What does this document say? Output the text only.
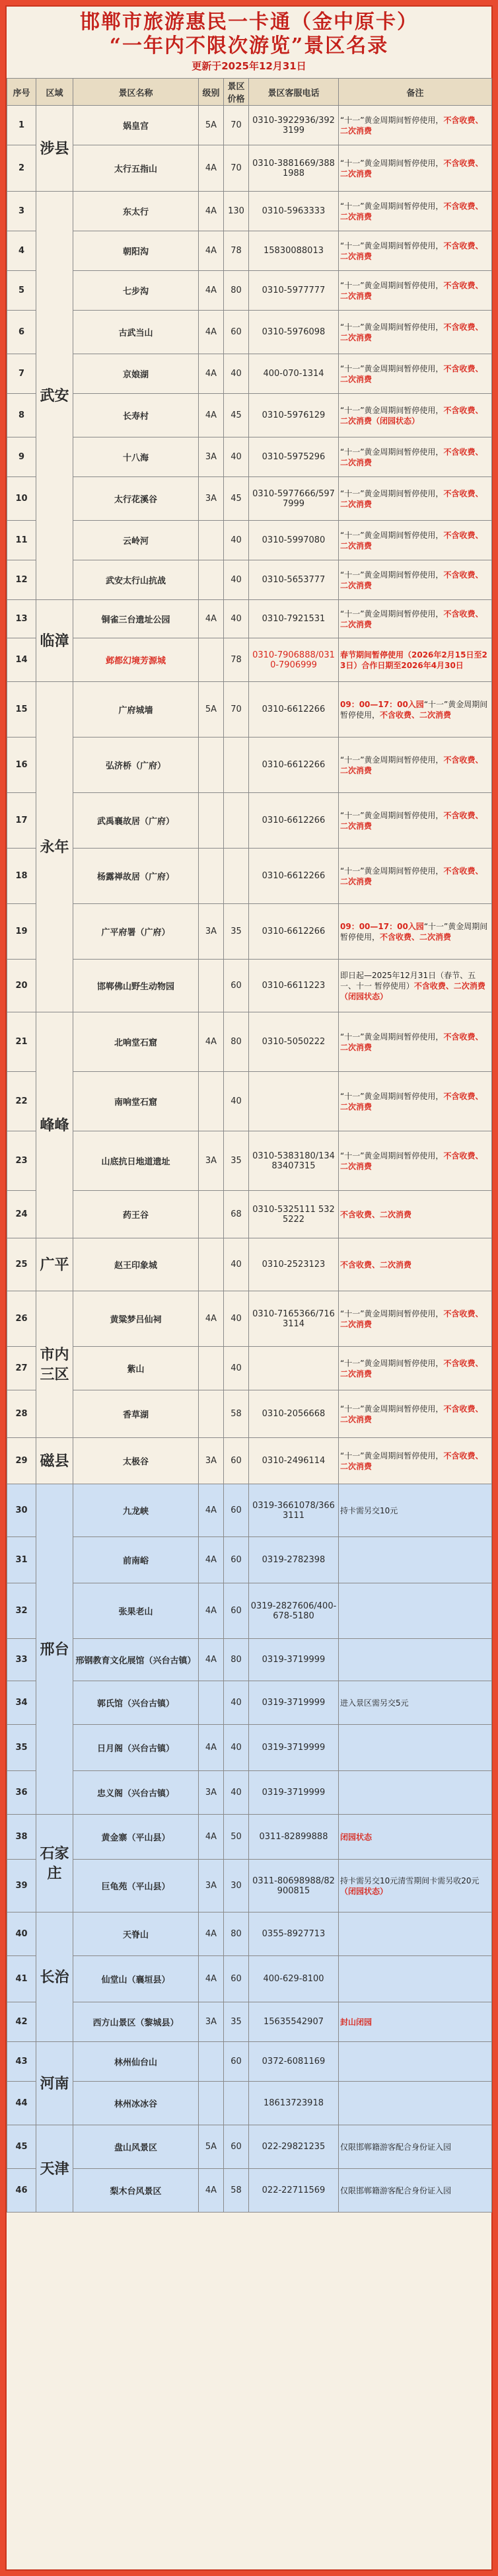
邯郸市旅游惠民一卡通（金中原卡）
“一年内不限次游览”景区名录
更新于2025年12月31日
序号	区域	景区名称	级别	景区价格	景区客服电话	备注
1	涉县	娲皇宫	5A	70	0310-3922936/3923199	“十一”黄金周期间暂停使用，不含收费、二次消费
2		太行五指山	4A	70	0310-3881669/3881988	“十一”黄金周期间暂停使用，不含收费、二次消费
3	武安	东太行	4A	130	0310-5963333	“十一”黄金周期间暂停使用，不含收费、二次消费
4		朝阳沟	4A	78	15830088013	“十一”黄金周期间暂停使用，不含收费、二次消费
5		七步沟	4A	80	0310-5977777	“十一”黄金周期间暂停使用，不含收费、二次消费
6		古武当山	4A	60	0310-5976098	“十一”黄金周期间暂停使用，不含收费、二次消费
7		京娘湖	4A	40	400-070-1314	“十一”黄金周期间暂停使用，不含收费、二次消费
8		长寿村	4A	45	0310-5976129	“十一”黄金周期间暂停使用，不含收费、二次消费（闭园状态）
9		十八海	3A	40	0310-5975296	“十一”黄金周期间暂停使用，不含收费、二次消费
10		太行花溪谷	3A	45	0310-5977666/5977999	“十一”黄金周期间暂停使用，不含收费、二次消费
11		云岭河		40	0310-5997080	“十一”黄金周期间暂停使用，不含收费、二次消费
12		武安太行山抗战		40	0310-5653777	“十一”黄金周期间暂停使用，不含收费、二次消费
13	临漳	铜雀三台遗址公园	4A	40	0310-7921531	“十一”黄金周期间暂停使用，不含收费、二次消费
14		邺都幻境芳源城		78	0310-7906888/0310-7906999	春节期间暂停使用（2026年2月15日至23日）合作日期至2026年4月30日
15	永年	广府城墙	5A	70	0310-6612266	09：00—17：00入园“十一”黄金周期间暂停使用，不含收费、二次消费
16		弘济桥（广府）			0310-6612266	“十一”黄金周期间暂停使用，不含收费、二次消费
17		武禹襄故居（广府）			0310-6612266	“十一”黄金周期间暂停使用，不含收费、二次消费
18		杨露禅故居（广府）			0310-6612266	“十一”黄金周期间暂停使用，不含收费、二次消费
19		广平府署（广府）	3A	35	0310-6612266	09：00—17：00入园“十一”黄金周期间暂停使用，不含收费、二次消费
20		邯郸佛山野生动物园		60	0310-6611223	即日起—2025年12月31日（春节、五一、十一 暂停使用）不含收费、二次消费（闭园状态）
21	峰峰	北响堂石窟	4A	80	0310-5050222	“十一”黄金周期间暂停使用，不含收费、二次消费
22		南响堂石窟		40		“十一”黄金周期间暂停使用，不含收费、二次消费
23		山底抗日地道遗址	3A	35	0310-5383180/13483407315	“十一”黄金周期间暂停使用，不含收费、二次消费
24		药王谷		68	0310-5325111 5325222	不含收费、二次消费
25	广平	赵王印象城		40	0310-2523123	不含收费、二次消费
26	市内三区	黄粱梦吕仙祠	4A	40	0310-7165366/7163114	“十一”黄金周期间暂停使用，不含收费、二次消费
27		紫山		40		“十一”黄金周期间暂停使用，不含收费、二次消费
28		香草湖		58	0310-2056668	“十一”黄金周期间暂停使用，不含收费、二次消费
29	磁县	太极谷	3A	60	0310-2496114	“十一”黄金周期间暂停使用，不含收费、二次消费
30	邢台	九龙峡	4A	60	0319-3661078/3663111	持卡需另交10元
31		前南峪	4A	60	0319-2782398	
32		张果老山	4A	60	0319-2827606/400-678-5180	
33		邢钢教育文化展馆（兴台古镇）	4A	80	0319-3719999	
34		郭氏馆（兴台古镇）		40	0319-3719999	进入景区需另交5元
35		日月阁（兴台古镇）	4A	40	0319-3719999	
36		忠义阁（兴台古镇）	3A	40	0319-3719999	
38	石家庄	黄金寨（平山县）	4A	50	0311-82899888	闭园状态
39		巨龟苑（平山县）	3A	30	0311-80698988/82900815	持卡需另交10元清雪期间卡需另收20元（闭园状态）
40	长治	天脊山	4A	80	0355-8927713	
41		仙堂山（襄垣县）	4A	60	400-629-8100	
42		西方山景区（黎城县）	3A	35	15635542907	封山闭园
43	河南	林州仙台山		60	0372-6081169	
44		林州冰冰谷			18613723918	
45	天津	盘山风景区	5A	60	022-29821235	仅限邯郸籍游客配合身份证入园
46		梨木台风景区	4A	58	022-22711569	仅限邯郸籍游客配合身份证入园
